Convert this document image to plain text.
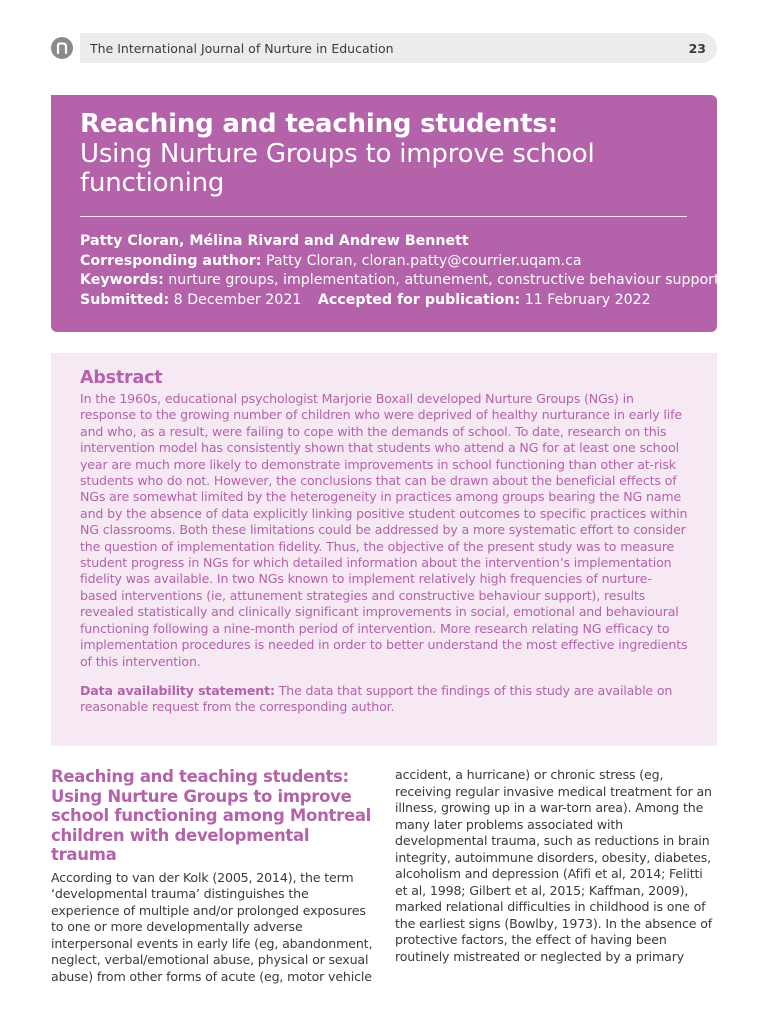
The International Journal of Nurture in Education	23
Reaching and teaching students:
Using Nurture Groups to improve school functioning
Patty Cloran, Mélina Rivard and Andrew Bennett
Corresponding author: Patty Cloran, cloran.patty@courrier.uqam.ca
Keywords: nurture groups, implementation, attunement, constructive behaviour support
Submitted: 8 December 2021 Accepted for publication: 11 February 2022
Abstract

In the 1960s, educational psychologist Marjorie Boxall developed Nurture Groups (NGs) in response to the growing number of children who were deprived of healthy nurturance in early life and who, as a result, were failing to cope with the demands of school. To date, research on this intervention model has consistently shown that students who attend a NG for at least one school year are much more likely to demonstrate improvements in school functioning than other at-risk students who do not. However, the conclusions that can be drawn about the beneficial effects of NGs are somewhat limited by the heterogeneity in practices among groups bearing the NG name and by the absence of data explicitly linking positive student outcomes to specific practices within NG classrooms. Both these limitations could be addressed by a more systematic effort to consider the question of implementation fidelity. Thus, the objective of the present study was to measure student progress in NGs for which detailed information about the intervention’s implementation fidelity was available. In two NGs known to implement relatively high frequencies of nurture-based interventions (ie, attunement strategies and constructive behaviour support), results revealed statistically and clinically significant improvements in social, emotional and behavioural functioning following a nine-month period of intervention. More research relating NG efficacy to implementation procedures is needed in order to better understand the most effective ingredients of this intervention.

Data availability statement: The data that support the findings of this study are available on reasonable request from the corresponding author.

Reaching and teaching students: Using Nurture Groups to improve school functioning among Montreal children with developmental trauma

According to van der Kolk (2005, 2014), the term ‘developmental trauma’ distinguishes the experience of multiple and/or prolonged exposures to one or more developmentally adverse interpersonal events in early life (eg, abandonment, neglect, verbal/emotional abuse, physical or sexual abuse) from other forms of acute (eg, motor vehicle

accident, a hurricane) or chronic stress (eg, receiving regular invasive medical treatment for an illness, growing up in a war-torn area). Among the many later problems associated with developmental trauma, such as reductions in brain integrity, autoimmune disorders, obesity, diabetes, alcoholism and depression (Afifi et al, 2014; Felitti et al, 1998; Gilbert et al, 2015; Kaffman, 2009), marked relational difficulties in childhood is one of the earliest signs (Bowlby, 1973). In the absence of protective factors, the effect of having been routinely mistreated or neglected by a primary
